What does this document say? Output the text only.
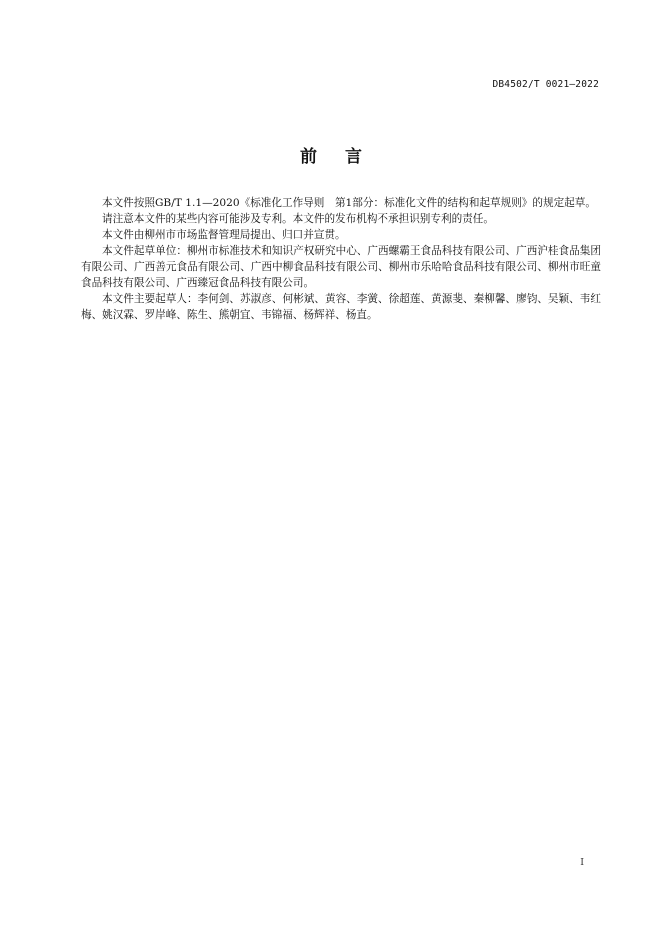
DB4502/T 0021—2022
前言

本文件按照GB/T 1.1—2020《标准化工作导则　第1部分：标准化文件的结构和起草规则》的规定起草。

请注意本文件的某些内容可能涉及专利。本文件的发布机构不承担识别专利的责任。

本文件由柳州市市场监督管理局提出、归口并宣贯。

本文件起草单位：柳州市标准技术和知识产权研究中心、广西螺霸王食品科技有限公司、广西沪桂食品集团有限公司、广西善元食品有限公司、广西中柳食品科技有限公司、柳州市乐哈哈食品科技有限公司、柳州市旺童食品科技有限公司、广西臻冠食品科技有限公司。

本文件主要起草人：李何剑、苏淑彦、何彬斌、黄容、李黉、徐超莲、黄源斐、秦柳馨、廖钧、吴颖、韦红梅、姚汉霖、罗岸峰、陈生、熊朝宜、韦锦福、杨辉祥、杨直。

I
